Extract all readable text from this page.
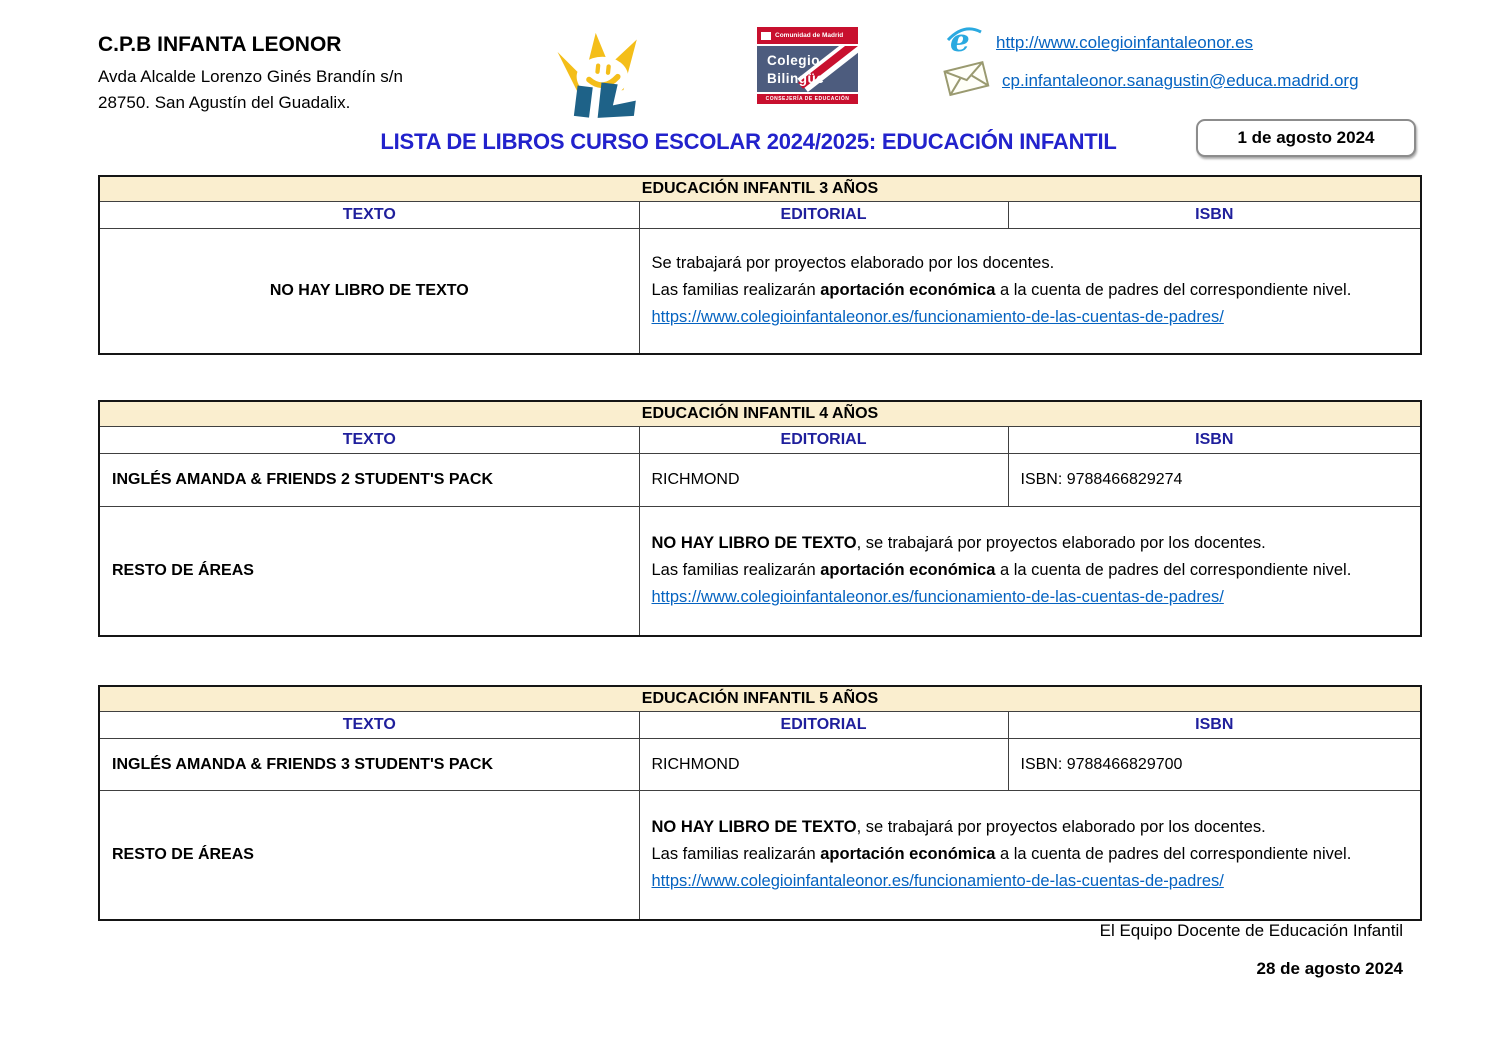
C.P.B INFANTA LEONOR
Avda Alcalde Lorenzo Ginés Brandín s/n
28750. San Agustín del Guadalix.
Comunidad de Madrid
Colegio
Bilingüe
CONSEJERÍA DE EDUCACIÓN
e http://www.colegioinfantaleonor.es
cp.infantaleonor.sanagustin@educa.madrid.org
LISTA DE LIBROS CURSO ESCOLAR 2024/2025: EDUCACIÓN INFANTIL	1 de agosto 2024
EDUCACIÓN INFANTIL 3 AÑOS		
TEXTO	EDITORIAL	ISBN
NO HAY LIBRO DE TEXTO	Se trabajará por proyectos elaborado por los docentes.
Las familias realizarán aportación económica a la cuenta de padres del correspondiente nivel.
https://www.colegioinfantaleonor.es/funcionamiento-de-las-cuentas-de-padres/	
EDUCACIÓN INFANTIL 4 AÑOS		
TEXTO	EDITORIAL	ISBN
INGLÉS AMANDA & FRIENDS 2 STUDENT'S PACK	RICHMOND	ISBN: 9788466829274
RESTO DE ÁREAS	NO HAY LIBRO DE TEXTO, se trabajará por proyectos elaborado por los docentes.
Las familias realizarán aportación económica a la cuenta de padres del correspondiente nivel.
https://www.colegioinfantaleonor.es/funcionamiento-de-las-cuentas-de-padres/	
EDUCACIÓN INFANTIL 5 AÑOS		
TEXTO	EDITORIAL	ISBN
INGLÉS AMANDA & FRIENDS 3 STUDENT'S PACK	RICHMOND	ISBN: 9788466829700
RESTO DE ÁREAS	NO HAY LIBRO DE TEXTO, se trabajará por proyectos elaborado por los docentes.
Las familias realizarán aportación económica a la cuenta de padres del correspondiente nivel.
https://www.colegioinfantaleonor.es/funcionamiento-de-las-cuentas-de-padres/	
El Equipo Docente de Educación Infantil
28 de agosto 2024
